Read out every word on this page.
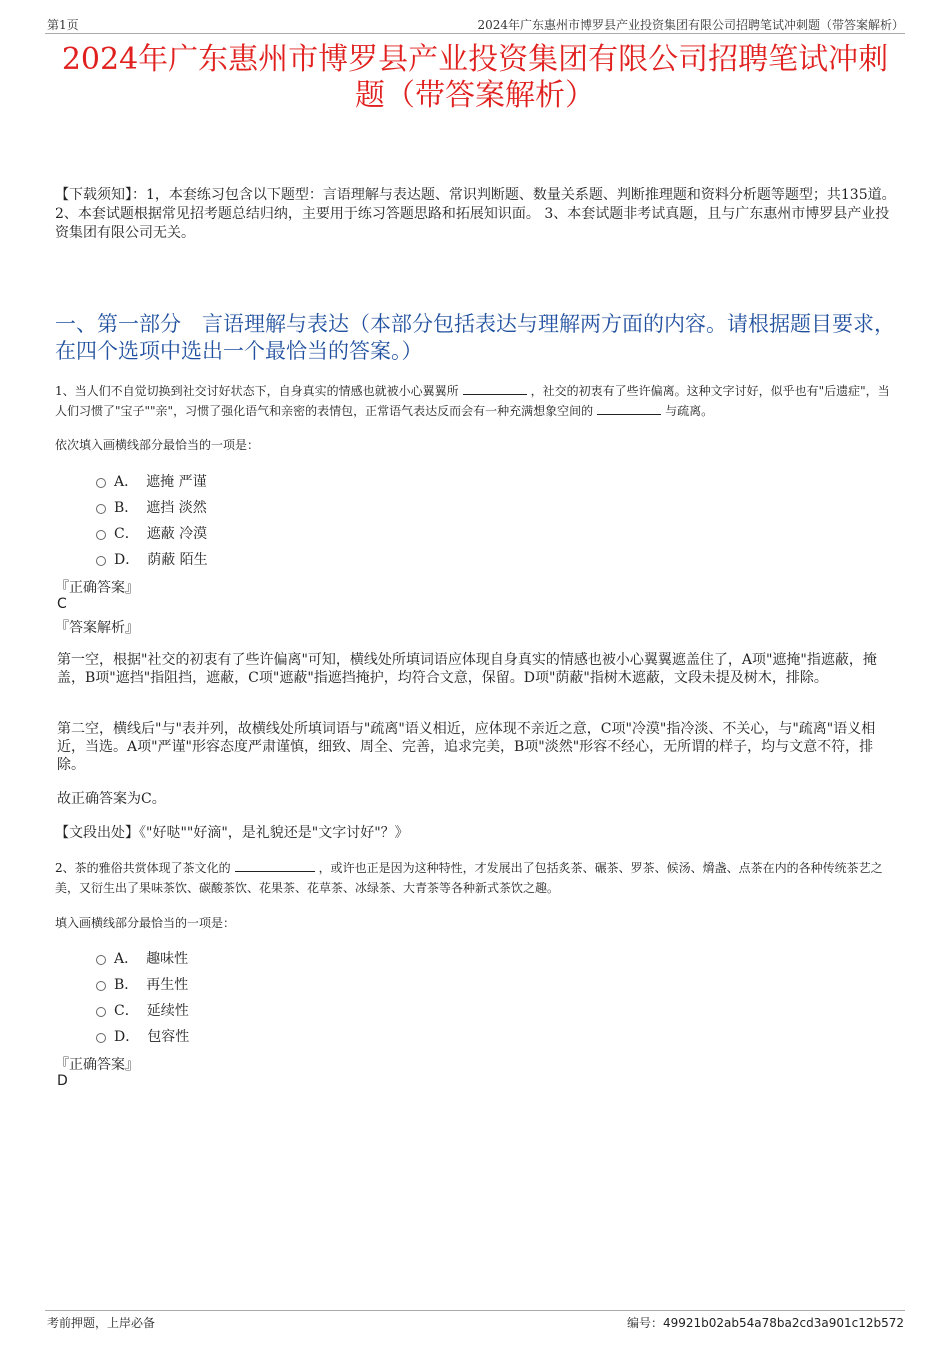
第1页	2024年广东惠州市博罗县产业投资集团有限公司招聘笔试冲刺题（带答案解析）
2024年广东惠州市博罗县产业投资集团有限公司招聘笔试冲刺题（带答案解析）
【下载须知】：1，本套练习包含以下题型：言语理解与表达题、常识判断题、数量关系题、判断推理题和资料分析题等题型；共135道。 2、本套试题根据常见招考题总结归纳，主要用于练习答题思路和拓展知识面。 3、本套试题非考试真题，且与广东惠州市博罗县产业投资集团有限公司无关。
一、第一部分　言语理解与表达（本部分包括表达与理解两方面的内容。请根据题目要求，在四个选项中选出一个最恰当的答案。）
1、当人们不自觉切换到社交讨好状态下，自身真实的情感也就被小心翼翼所	，社交的初衷有了些许偏离。这种文字讨好，似乎也有"后遗症"，当人们习惯了"宝子""亲"，习惯了强化语气和亲密的表情包，正常语气表达反而会有一种充满想象空间的	与疏离。
依次填入画横线部分最恰当的一项是：
A． 遮掩 严谨
B． 遮挡 淡然
C． 遮蔽 冷漠
D． 荫蔽 陌生
『正确答案』
C
『答案解析』
第一空，根据"社交的初衷有了些许偏离"可知，横线处所填词语应体现自身真实的情感也被小心翼翼遮盖住了，A项"遮掩"指遮蔽，掩盖，B项"遮挡"指阻挡，遮蔽，C项"遮蔽"指遮挡掩护，均符合文意，保留。D项"荫蔽"指树木遮蔽，文段未提及树木，排除。
第二空，横线后"与"表并列，故横线处所填词语与"疏离"语义相近，应体现不亲近之意，C项"冷漠"指冷淡、不关心，与"疏离"语义相近，当选。A项"严谨"形容态度严肃谨慎，细致、周全、完善，追求完美，B项"淡然"形容不经心，无所谓的样子，均与文意不符，排除。
故正确答案为C。
【文段出处】《"好哒""好滴"，是礼貌还是"文字讨好"？》
2、茶的雅俗共赏体现了茶文化的	，或许也正是因为这种特性，才发展出了包括炙茶、碾茶、罗茶、候汤、熁盏、点茶在内的各种传统茶艺之美，又衍生出了果味茶饮、碳酸茶饮、花果茶、花草茶、冰绿茶、大青茶等各种新式茶饮之趣。
填入画横线部分最恰当的一项是：
A． 趣味性
B． 再生性
C． 延续性
D． 包容性
『正确答案』
D
考前押题，上岸必备	编号：49921b02ab54a78ba2cd3a901c12b572
